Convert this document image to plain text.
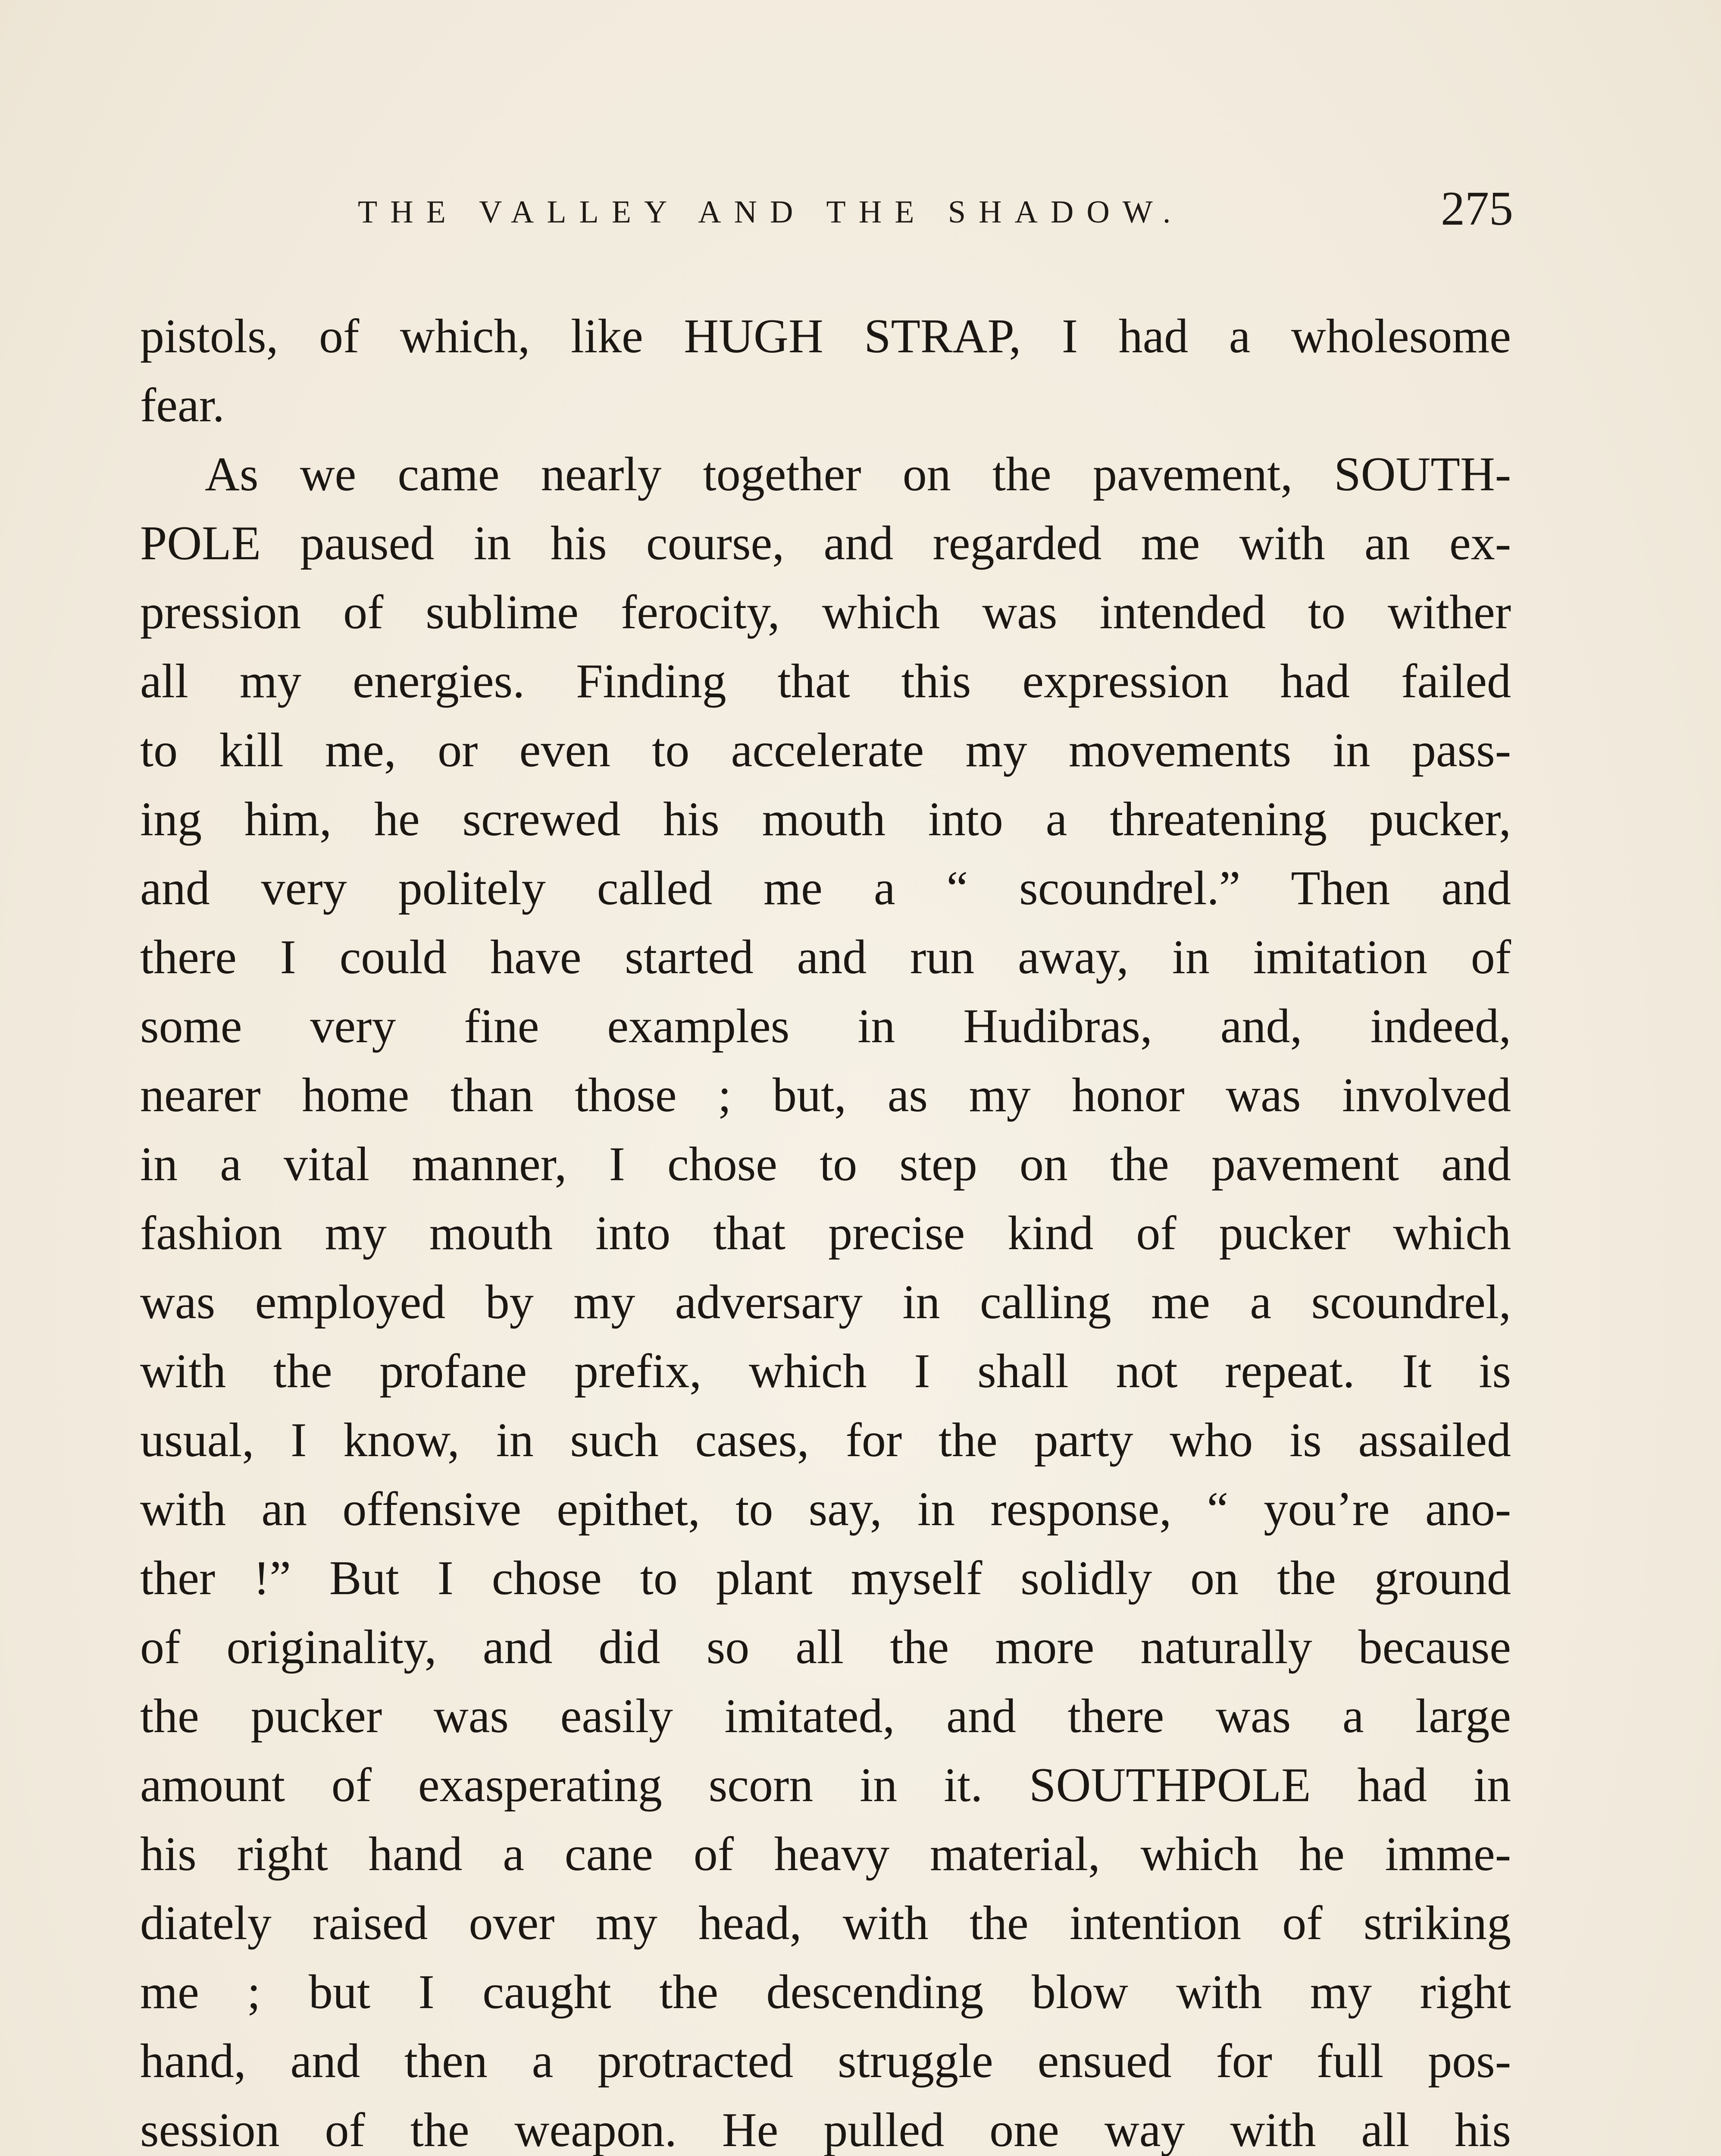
THE VALLEY AND THE SHADOW.	275
pistols, of which, like HUGH STRAP, I had a wholesome
fear.
As we came nearly together on the pavement, SOUTH-
POLE paused in his course, and regarded me with an ex-
pression of sublime ferocity, which was intended to wither
all my energies. Finding that this expression had failed
to kill me, or even to accelerate my movements in pass-
ing him, he screwed his mouth into a threatening pucker,
and very politely called me a “ scoundrel.” Then and
there I could have started and run away, in imitation of
some very fine examples in Hudibras, and, indeed,
nearer home than those ; but, as my honor was involved
in a vital manner, I chose to step on the pavement and
fashion my mouth into that precise kind of pucker which
was employed by my adversary in calling me a scoundrel,
with the profane prefix, which I shall not repeat. It is
usual, I know, in such cases, for the party who is assailed
with an offensive epithet, to say, in response, “ you’re ano-
ther !” But I chose to plant myself solidly on the ground
of originality, and did so all the more naturally because
the pucker was easily imitated, and there was a large
amount of exasperating scorn in it. SOUTHPOLE had in
his right hand a cane of heavy material, which he imme-
diately raised over my head, with the intention of striking
me ; but I caught the descending blow with my right
hand, and then a protracted struggle ensued for full pos-
session of the weapon. He pulled one way with all his
